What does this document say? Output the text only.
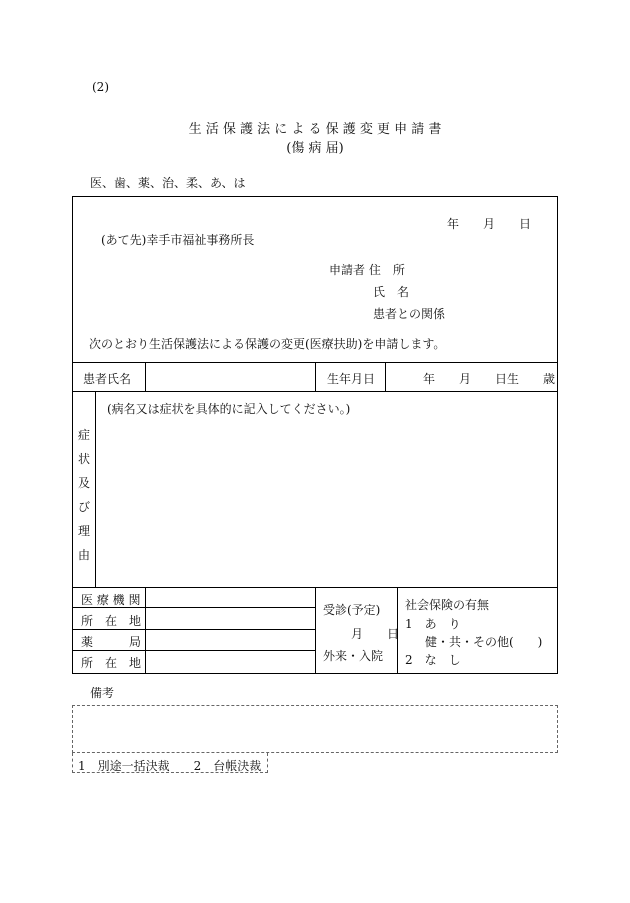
(2)
生 活 保 護 法 に よ る 保 護 変 更 申 請 書
(傷 病 届)
医、歯、薬、治、柔、あ、は
年　　月　　日
(あて先)幸手市福祉事務所長
申請者 住　所
氏　名
患者との関係
次のとおり生活保護法による保護の変更(医療扶助)を申請します。
患者氏名	生年月日	年　　月　　日生　　歳
症
状
及
び
理
由
(病名又は症状を具体的に記入してください。)
医 療 機 関
所　在　地
薬　　　局
所　在　地
受診(予定)
月　　日
外来・入院
社会保険の有無
1　あ　り
健・共・その他(　　)
2　な　し
備考
1　別途一括決裁　　2　台帳決裁
